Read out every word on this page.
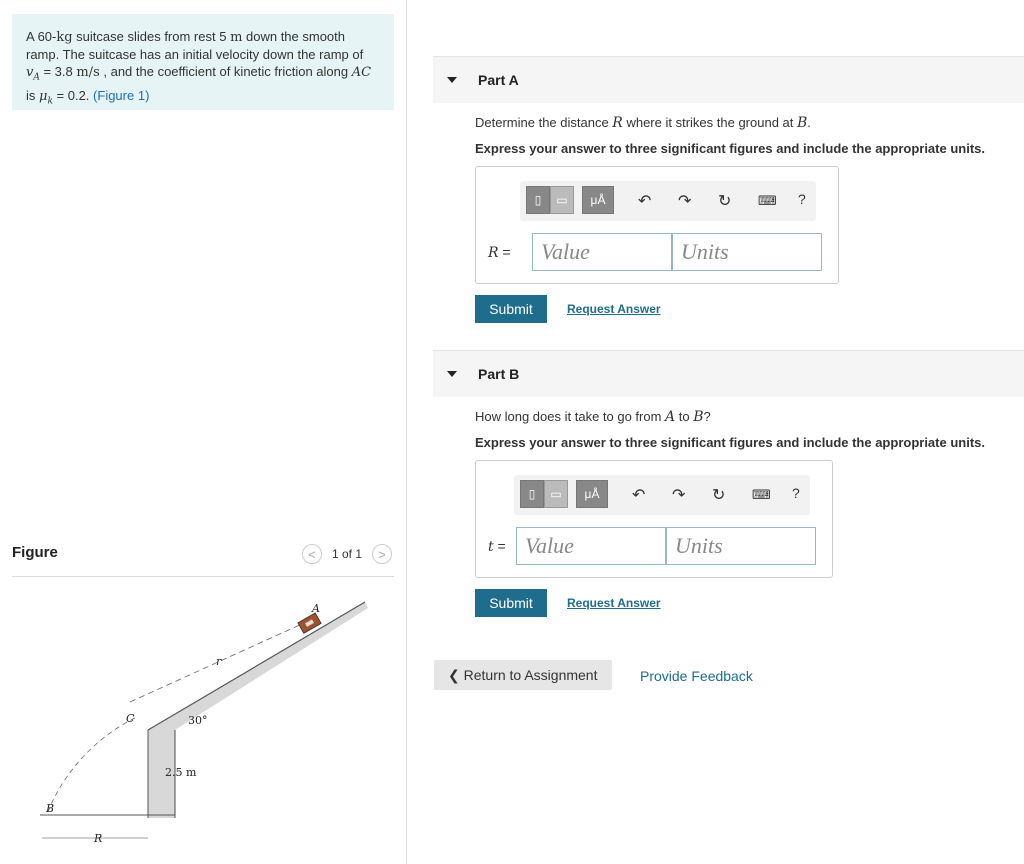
A 60-kg suitcase slides from rest 5 m down the smooth ramp. The suitcase has an initial velocity down the ramp of $v_A = 3.8$ m/s , and the coefficient of kinetic friction along AC is $\mu_k = 0.2$. (Figure 1)
Figure	< 1 of 1 >
A
r
C	30°
2.5 m
B
R
Part A
Determine the distance R where it strikes the ground at B.
Express your answer to three significant figures and include the appropriate units.
▯	▭	μÅ ↶ ↷ ↻ ⌨ ?
R =	Value	Units
Submit	Request Answer
Part B
How long does it take to go from A to B?
Express your answer to three significant figures and include the appropriate units.
▯	▭	μÅ ↶ ↷ ↻ ⌨ ?
t = Value	Units
Submit	Request Answer
❮ Return to Assignment	Provide Feedback
